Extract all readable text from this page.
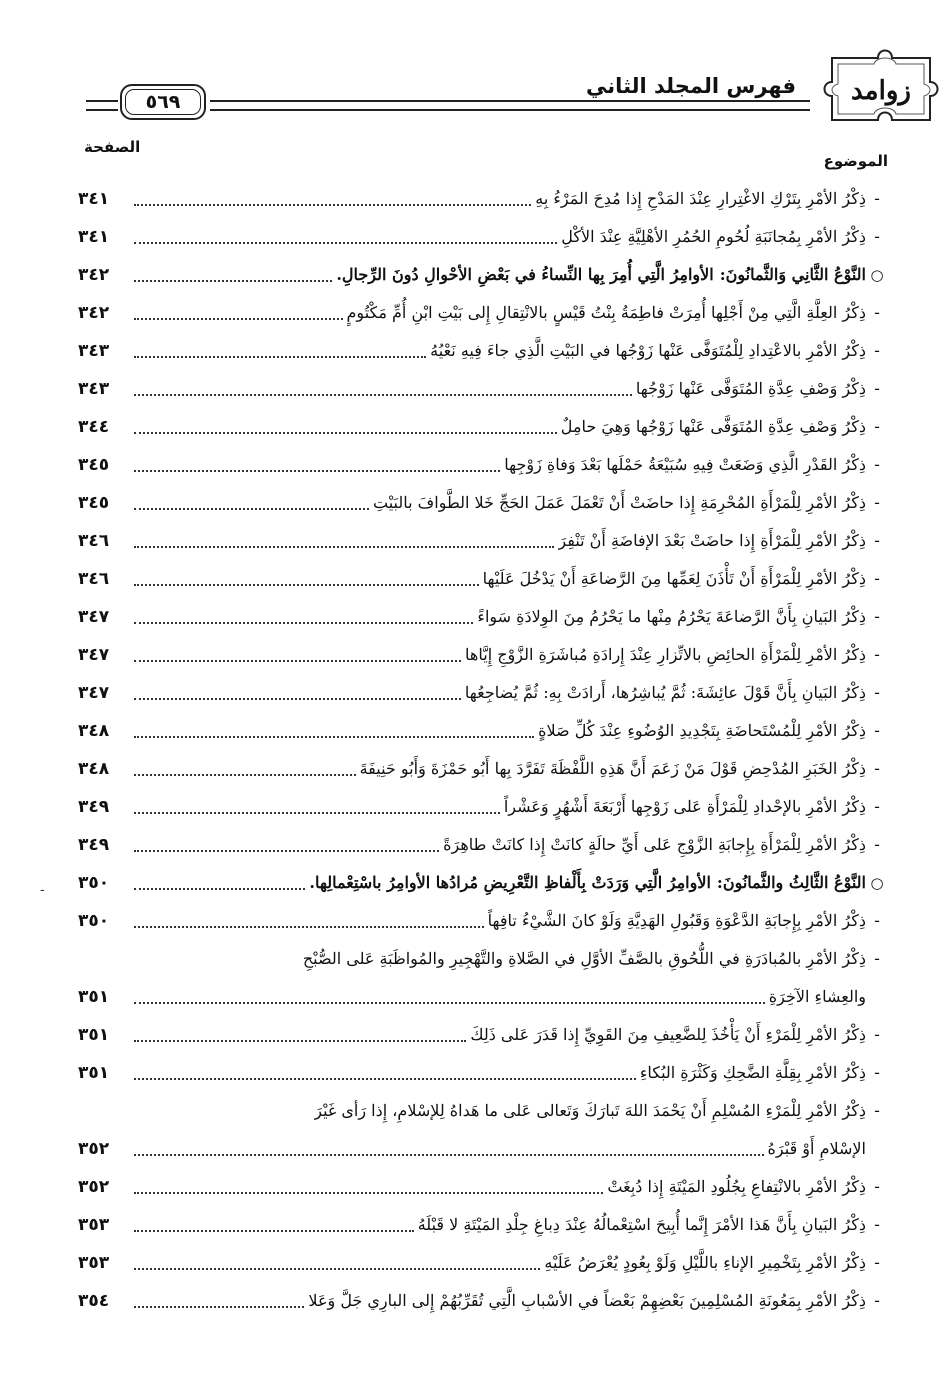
زوامد
فهرس المجلد الثاني
٥٦٩
الصفحة
الموضوع
-
ذِكْرُ الأمْرِ بِتَرْكِ الاغْتِرارِ عِنْدَ المَدْحِ إِذا مُدِحَ المَرْءُ بِهِ
٣٤١
-
ذِكْرُ الأمْرِ بِمُجانَبَةِ لُحُومِ الحُمُرِ الأهْلِيَّةِ عِنْدَ الأكْلِ
٣٤١
○
النَّوْعُ الثَّانِي وَالثَّمانُونَ:
الأوامِرُ الَّتِي أُمِرَ بِها النِّساءُ في بَعْضِ الأحْوالِ دُونَ الرِّجالِ.
٣٤٢
-
ذِكْرُ العِلَّةِ الَّتِي مِنْ أَجْلِها أُمِرَتْ فاطِمَةُ بِنْتُ قَيْسٍ بالانْتِقالِ إِلى بَيْتِ ابْنِ أُمِّ مَكْتُومٍ
٣٤٢
-
ذِكْرُ الأمْرِ بالاعْتِدادِ لِلْمُتَوَفَّى عَنْها زَوْجُها في البَيْتِ الَّذِي جاءَ فِيهِ نَعْيُهُ
٣٤٣
-
ذِكْرُ وَصْفِ عِدَّةِ المُتَوَفَّى عَنْها زَوْجُها
٣٤٣
-
ذِكْرُ وَصْفِ عِدَّةِ المُتَوَفَّى عَنْها زَوْجُها وَهِيَ حامِلٌ
٣٤٤
-
ذِكْرُ القَدْرِ الَّذِي وَضَعَتْ فِيهِ سُبَيْعَةُ حَمْلَها بَعْدَ وَفاةِ زَوْجِها
٣٤٥
-
ذِكْرُ الأمْرِ لِلْمَرْأَةِ المُحْرِمَةِ إِذا حاضَتْ أَنْ تَعْمَلَ عَمَلَ الحَجِّ خَلا الطَّوافَ بالبَيْتِ
٣٤٥
-
ذِكْرُ الأمْرِ لِلْمَرْأَةِ إِذا حاضَتْ بَعْدَ الإفاضَةِ أَنْ تَنْفِرَ
٣٤٦
-
ذِكْرُ الأمْرِ لِلْمَرْأَةِ أَنْ تَأْذَنَ لِعَمِّها مِنَ الرَّضاعَةِ أَنْ يَدْخُلَ عَلَيْها
٣٤٦
-
ذِكْرُ البَيانِ بِأَنَّ الرَّضاعَةَ يَحْرُمُ مِنْها ما يَحْرُمُ مِنَ الوِلادَةِ سَواءً
٣٤٧
-
ذِكْرُ الأمْرِ لِلْمَرْأَةِ الحائِضِ بالاتِّزارِ عِنْدَ إِرادَةِ مُباشَرَةِ الزَّوْجِ إِيَّاها
٣٤٧
-
ذِكْرُ البَيانِ بِأَنَّ قَوْلَ عائِشَةَ: ثُمَّ يُباشِرُها، أَرادَتْ بِهِ: ثُمَّ يُضاجِعُها
٣٤٧
-
ذِكْرُ الأمْرِ لِلْمُسْتَحاضَةِ بِتَجْدِيدِ الوُضُوءِ عِنْدَ كُلِّ صَلاةٍ
٣٤٨
-
ذِكْرُ الخَبَرِ المُدْحِضِ قَوْلَ مَنْ زَعَمَ أَنَّ هَذِهِ اللَّفْظَةَ تَفَرَّدَ بِها أَبُو حَمْزَةَ وَأَبُو حَنِيفَةَ
٣٤٨
-
ذِكْرُ الأمْرِ بالإحْدادِ لِلْمَرْأَةِ عَلى زَوْجِها أَرْبَعَةَ أَشْهُرٍ وَعَشْراً
٣٤٩
-
ذِكْرُ الأمْرِ لِلْمَرْأَةِ بِإِجابَةِ الزَّوْجِ عَلى أَيِّ حالَةٍ كانَتْ إِذا كانَتْ طاهِرَةً
٣٤٩
○
النَّوْعُ الثَّالِثُ والثَّمانُونَ:
الأوامِرُ الَّتِي وَرَدَتْ بِأَلْفاظِ التَّعْرِيضِ مُرادُها الأوامِرُ باسْتِعْمالِها.
٣٥٠
-
ذِكْرُ الأمْرِ بِإِجابَةِ الدَّعْوَةِ وَقَبُولِ الهَدِيَّةِ وَلَوْ كانَ الشَّيْءُ تافِهاً
٣٥٠
-
ذِكْرُ الأمْرِ بالمُبادَرَةِ في اللُّحُوقِ بالصَّفِّ الأوَّلِ في الصَّلاةِ والتَّهْجِيرِ والمُواظَبَةِ عَلى الصُّبْحِ
والعِشاءِ الآخِرَةِ
٣٥١
-
ذِكْرُ الأمْرِ لِلْمَرْءِ أَنْ يَأْخُذَ لِلضَّعِيفِ مِنَ القَوِيِّ إِذا قَدَرَ عَلى ذَلِكَ
٣٥١
-
ذِكْرُ الأمْرِ بِقِلَّةِ الضَّحِكِ وَكَثْرَةِ البُكاءِ
٣٥١
-
ذِكْرُ الأمْرِ لِلْمَرْءِ المُسْلِمِ أَنْ يَحْمَدَ اللهَ تَبارَكَ وَتَعالى عَلى ما هَداهُ لِلإسْلامِ، إِذا رَأى غَيْرَ
الإسْلامِ أَوْ قَبْرَهُ
٣٥٢
-
ذِكْرُ الأمْرِ بالانْتِفاعِ بِجُلُودِ المَيْتَةِ إِذا دُبِغَتْ
٣٥٢
-
ذِكْرُ البَيانِ بِأَنَّ هَذا الأمْرَ إِنَّما أُبِيحَ اسْتِعْمالُهُ عِنْدَ دِباغِ جِلْدِ المَيْتَةِ لا قَبْلَهُ
٣٥٣
-
ذِكْرُ الأمْرِ بِتَخْمِيرِ الإناءِ باللَّيْلِ وَلَوْ بِعُودٍ يُعْرَضُ عَلَيْهِ
٣٥٣
-
ذِكْرُ الأمْرِ بِمَعُونَةِ المُسْلِمِينَ بَعْضِهِمْ بَعْضاً في الأسْبابِ الَّتِي تُقَرِّبُهُمْ إِلى البارِي جَلَّ وَعَلا
٣٥٤
-
